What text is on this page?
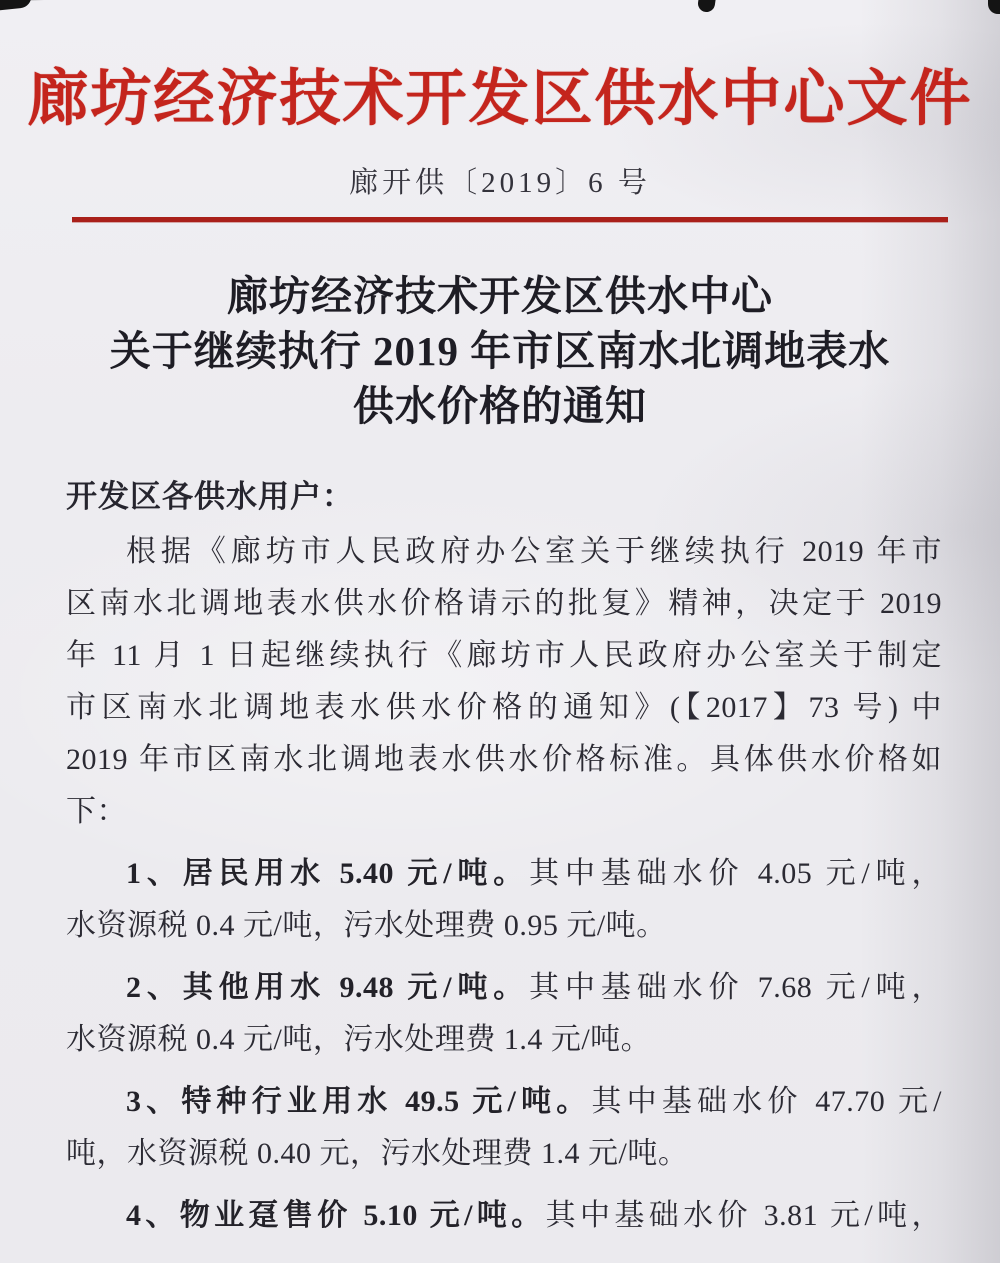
廊坊经济技术开发区供水中心文件
廊开供〔2019〕6 号
廊坊经济技术开发区供水中心
关于继续执行 2019 年市区南水北调地表水
供水价格的通知
开发区各供水用户：
根据《廊坊市人民政府办公室关于继续执行 2019 年市
区南水北调地表水供水价格请示的批复》精神，决定于 2019
年 11 月 1 日起继续执行《廊坊市人民政府办公室关于制定
市区南水北调地表水供水价格的通知》(【2017】73 号) 中
2019 年市区南水北调地表水供水价格标准。具体供水价格如
下：
1、居民用水 5.40 元/吨。其中基础水价 4.05 元/吨，
水资源税 0.4 元/吨，污水处理费 0.95 元/吨。
2、其他用水 9.48 元/吨。其中基础水价 7.68 元/吨，
水资源税 0.4 元/吨，污水处理费 1.4 元/吨。
3、特种行业用水 49.5 元/吨。其中基础水价 47.70 元/
吨，水资源税 0.40 元，污水处理费 1.4 元/吨。
4、物业趸售价 5.10 元/吨。其中基础水价 3.81 元/吨，
